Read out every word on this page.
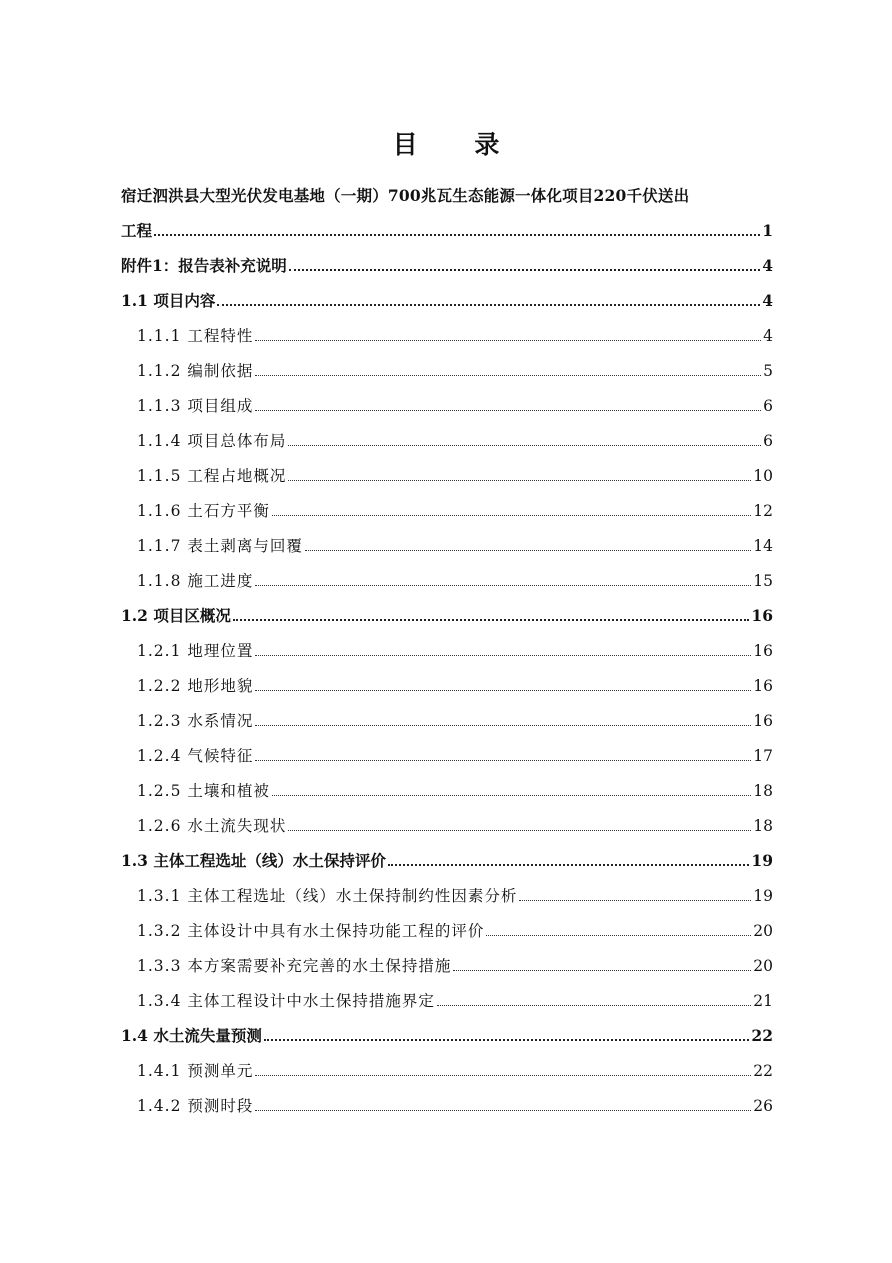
目 录
宿迁泗洪县大型光伏发电基地（一期）700兆瓦生态能源一体化项目220千伏送出
工程	1
附件1：报告表补充说明	4
1.1 项目内容	4
1.1.1 工程特性	4
1.1.2 编制依据	5
1.1.3 项目组成	6
1.1.4 项目总体布局	6
1.1.5 工程占地概况	10
1.1.6 土石方平衡	12
1.1.7 表土剥离与回覆	14
1.1.8 施工进度	15
1.2 项目区概况	16
1.2.1 地理位置	16
1.2.2 地形地貌	16
1.2.3 水系情况	16
1.2.4 气候特征	17
1.2.5 土壤和植被	18
1.2.6 水土流失现状	18
1.3 主体工程选址（线）水土保持评价	19
1.3.1 主体工程选址（线）水土保持制约性因素分析	19
1.3.2 主体设计中具有水土保持功能工程的评价	20
1.3.3 本方案需要补充完善的水土保持措施	20
1.3.4 主体工程设计中水土保持措施界定	21
1.4 水土流失量预测	22
1.4.1 预测单元	22
1.4.2 预测时段	26
